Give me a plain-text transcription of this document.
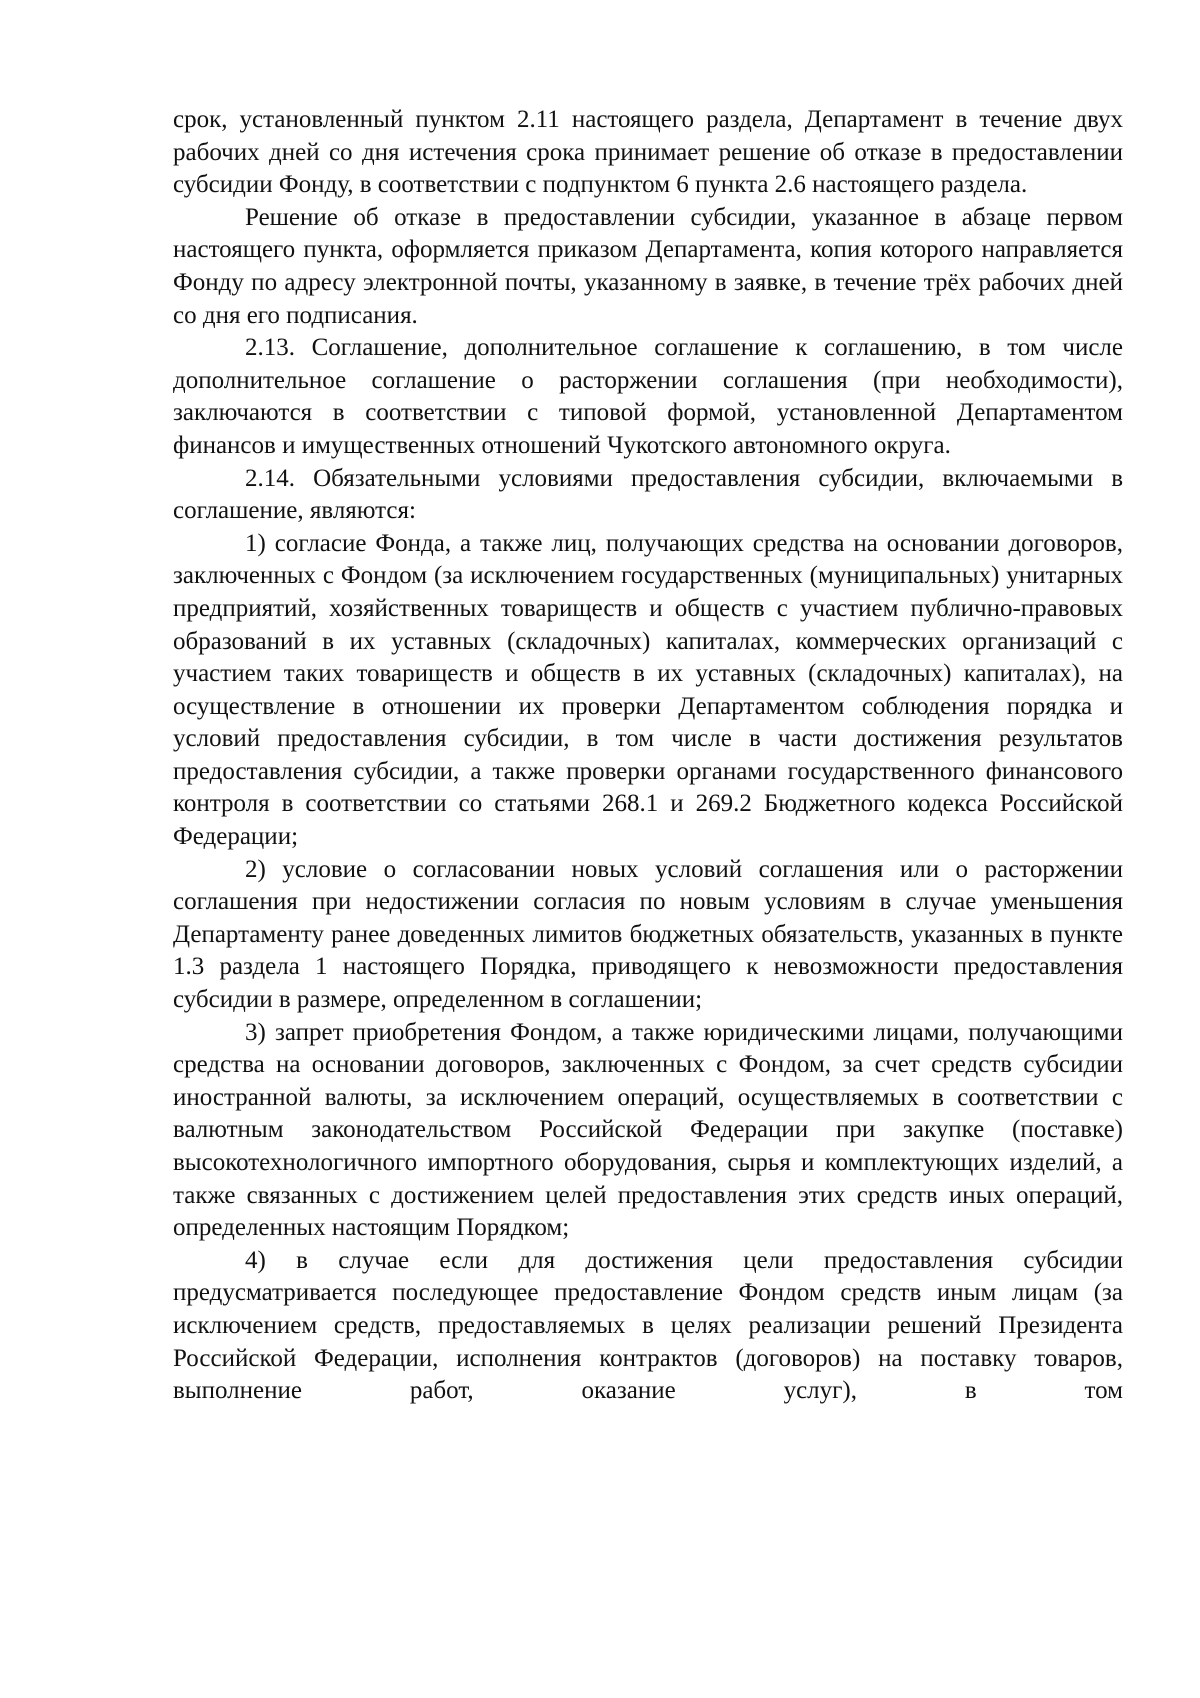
срок, установленный пунктом 2.11 настоящего раздела, Департамент в течение двух рабочих дней со дня истечения срока принимает решение об отказе в предоставлении субсидии Фонду, в соответствии с подпунктом 6 пункта 2.6 настоящего раздела.

Решение об отказе в предоставлении субсидии, указанное в абзаце первом настоящего пункта, оформляется приказом Департамента, копия которого направляется Фонду по адресу электронной почты, указанному в заявке, в течение трёх рабочих дней со дня его подписания.

2.13. Соглашение, дополнительное соглашение к соглашению, в том числе дополнительное соглашение о расторжении соглашения (при необходимости), заключаются в соответствии с типовой формой, установленной Департаментом финансов и имущественных отношений Чукотского автономного округа.

2.14. Обязательными условиями предоставления субсидии, включаемыми в соглашение, являются:

1) согласие Фонда, а также лиц, получающих средства на основании договоров, заключенных с Фондом (за исключением государственных (муниципальных) унитарных предприятий, хозяйственных товариществ и обществ с участием публично-правовых образований в их уставных (складочных) капиталах, коммерческих организаций с участием таких товариществ и обществ в их уставных (складочных) капиталах), на осуществление в отношении их проверки Департаментом соблюдения порядка и условий предоставления субсидии, в том числе в части достижения результатов предоставления субсидии, а также проверки органами государственного финансового контроля в соответствии со статьями 268.1 и 269.2 Бюджетного кодекса Российской Федерации;

2) условие о согласовании новых условий соглашения или о расторжении соглашения при недостижении согласия по новым условиям в случае уменьшения Департаменту ранее доведенных лимитов бюджетных обязательств, указанных в пункте 1.3 раздела 1 настоящего Порядка, приводящего к невозможности предоставления субсидии в размере, определенном в соглашении;

3) запрет приобретения Фондом, а также юридическими лицами, получающими средства на основании договоров, заключенных с Фондом, за счет средств субсидии иностранной валюты, за исключением операций, осуществляемых в соответствии с валютным законодательством Российской Федерации при закупке (поставке) высокотехнологичного импортного оборудования, сырья и комплектующих изделий, а также связанных с достижением целей предоставления этих средств иных операций, определенных настоящим Порядком;

4) в случае если для достижения цели предоставления субсидии предусматривается последующее предоставление Фондом средств иным лицам (за исключением средств, предоставляемых в целях реализации решений Президента Российской Федерации, исполнения контрактов (договоров) на поставку товаров, выполнение работ, оказание услуг), в том
